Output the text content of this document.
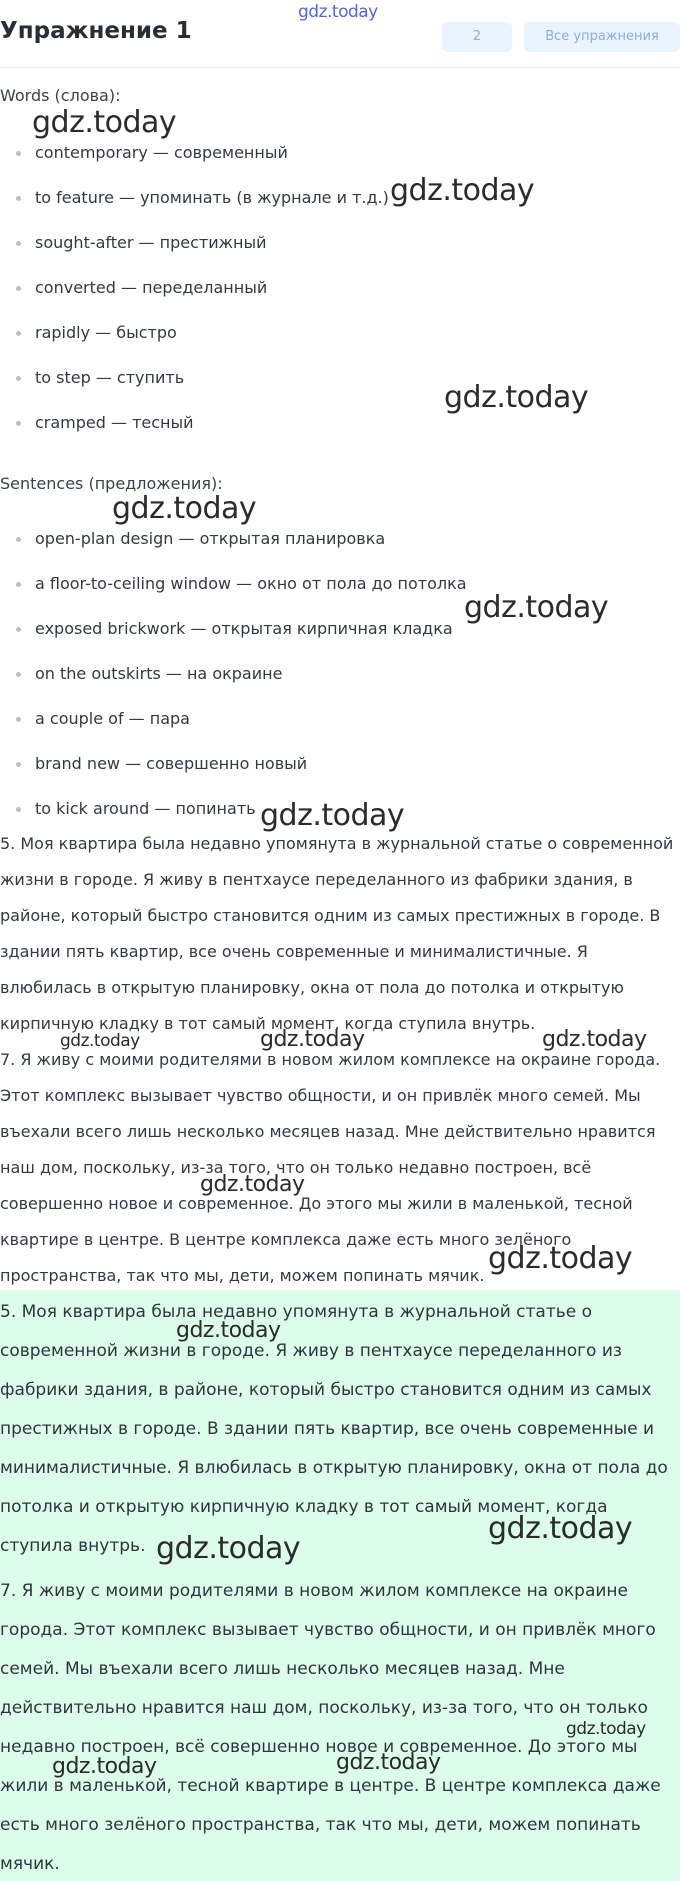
Упражнение 1	2	Все упражнения
gdz.today
Words (слова):
contemporary — современный
to feature — упоминать (в журнале и т.д.)
sought-after — престижный
converted — переделанный
rapidly — быстро
to step — ступить
cramped — тесный
Sentences (предложения):
open-plan design — открытая планировка
a floor-to-ceiling window — окно от пола до потолка
exposed brickwork — открытая кирпичная кладка
on the outskirts — на окраине
a couple of — пара
brand new — совершенно новый
to kick around — попинать
5. Моя квартира была недавно упомянута в журнальной статье о современной жизни в городе. Я живу в пентхаусе переделанного из фабрики здания, в районе, который быстро становится одним из самых престижных в городе. В здании пять квартир, все очень современные и минималистичные. Я влюбилась в открытую планировку, окна от пола до потолка и открытую кирпичную кладку в тот самый момент, когда ступила внутрь.
7. Я живу с моими родителями в новом жилом комплексе на окраине города. Этот комплекс вызывает чувство общности, и он привлёк много семей. Мы въехали всего лишь несколько месяцев назад. Мне действительно нравится наш дом, поскольку, из-за того, что он только недавно построен, всё совершенно новое и современное. До этого мы жили в маленькой, тесной квартире в центре. В центре комплекса даже есть много зелёного пространства, так что мы, дети, можем попинать мячик.
5. Моя квартира была недавно упомянута в журнальной статье о современной жизни в городе. Я живу в пентхаусе переделанного из фабрики здания, в районе, который быстро становится одним из самых престижных в городе. В здании пять квартир, все очень современные и минималистичные. Я влюбилась в открытую планировку, окна от пола до потолка и открытую кирпичную кладку в тот самый момент, когда ступила внутрь.
7. Я живу с моими родителями в новом жилом комплексе на окраине города. Этот комплекс вызывает чувство общности, и он привлёк много семей. Мы въехали всего лишь несколько месяцев назад. Мне действительно нравится наш дом, поскольку, из-за того, что он только недавно построен, всё совершенно новое и современное. До этого мы жили в маленькой, тесной квартире в центре. В центре комплекса даже есть много зелёного пространства, так что мы, дети, можем попинать мячик.
gdz.today
gdz.today
gdz.today
gdz.today
gdz.today
gdz.today
gdz.today	gdz.today	gdz.today
gdz.today
gdz.today
gdz.today
gdz.today
gdz.today
gdz.today
gdz.today	gdz.today
